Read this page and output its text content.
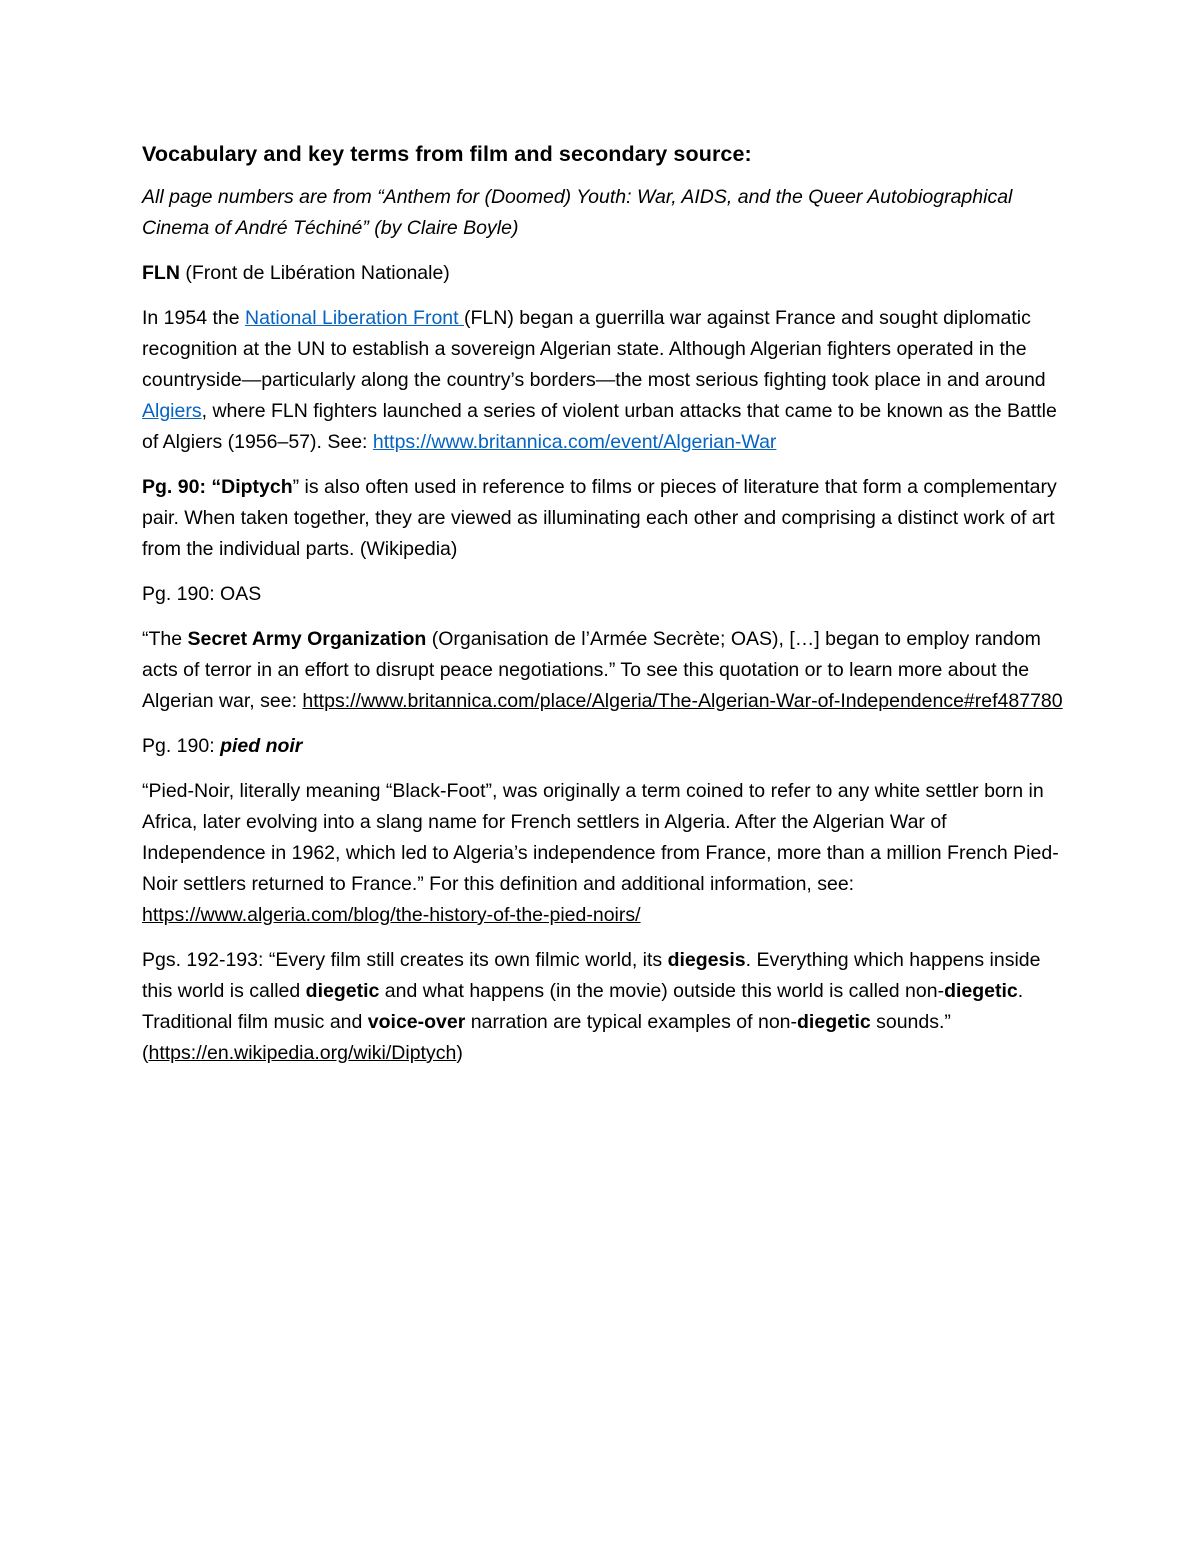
Vocabulary and key terms from film and secondary source:

All page numbers are from “Anthem for (Doomed) Youth: War, AIDS, and the Queer Autobiographical Cinema of André Téchiné” (by Claire Boyle)

FLN (Front de Libération Nationale)

In 1954 the National Liberation Front (FLN) began a guerrilla war against France and sought diplomatic recognition at the UN to establish a sovereign Algerian state. Although Algerian fighters operated in the countryside—particularly along the country’s borders—the most serious fighting took place in and around Algiers, where FLN fighters launched a series of violent urban attacks that came to be known as the Battle of Algiers (1956–57). See: https://www.britannica.com/event/Algerian-War

Pg. 90: “Diptych” is also often used in reference to films or pieces of literature that form a complementary pair. When taken together, they are viewed as illuminating each other and comprising a distinct work of art from the individual parts. (Wikipedia)

Pg. 190: OAS

“The Secret Army Organization (Organisation de l’Armée Secrète; OAS), […] began to employ random acts of terror in an effort to disrupt peace negotiations.” To see this quotation or to learn more about the Algerian war, see: https://www.britannica.com/place/Algeria/The-Algerian-War-of-Independence#ref487780

Pg. 190: pied noir

“Pied-Noir, literally meaning “Black-Foot”, was originally a term coined to refer to any white settler born in Africa, later evolving into a slang name for French settlers in Algeria. After the Algerian War of Independence in 1962, which led to Algeria’s independence from France, more than a million French Pied-Noir settlers returned to France.” For this definition and additional information, see: https://www.algeria.com/blog/the-history-of-the-pied-noirs/

Pgs. 192-193: “Every film still creates its own filmic world, its diegesis. Everything which happens inside this world is called diegetic and what happens (in the movie) outside this world is called non-diegetic. Traditional film music and voice-over narration are typical examples of non-diegetic sounds.” (https://en.wikipedia.org/wiki/Diptych)
